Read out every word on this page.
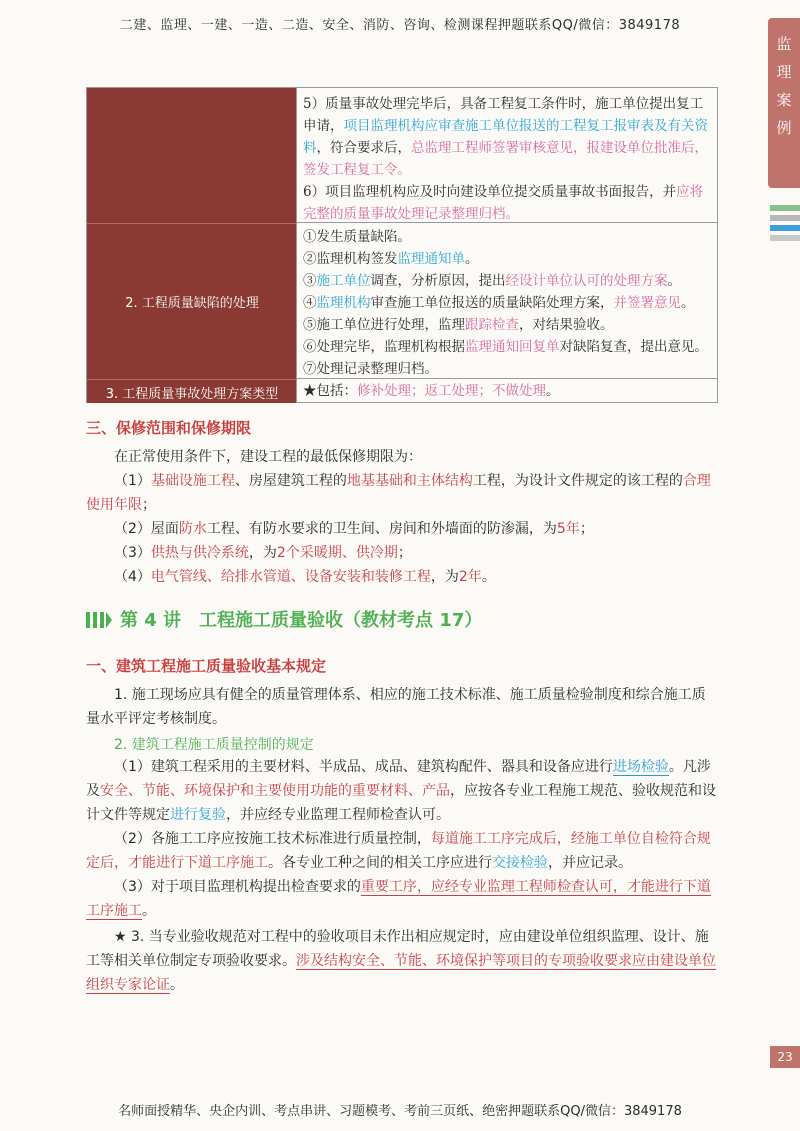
二建、监理、一建、一造、二造、安全、消防、咨询、检测课程押题联系QQ/微信：3849178
名师面授精华、央企内训、考点串讲、习题模考、考前三页纸、绝密押题联系QQ/微信：3849178
监
理
案
例
23
2. 工程质量缺陷的处理
3. 工程质量事故处理方案类型

5）质量事故处理完毕后，具备工程复工条件时，施工单位提出复工申请，项目监理机构应审查施工单位报送的工程复工报审表及有关资料，符合要求后，总监理工程师签署审核意见，报建设单位批准后，签发工程复工令。

6）项目监理机构应及时向建设单位提交质量事故书面报告，并应将完整的质量事故处理记录整理归档。

①发生质量缺陷。

②监理机构签发监理通知单。

③施工单位调查，分析原因，提出经设计单位认可的处理方案。

④监理机构审查施工单位报送的质量缺陷处理方案，并签署意见。

⑤施工单位进行处理，监理跟踪检查，对结果验收。

⑥处理完毕，监理机构根据监理通知回复单对缺陷复查，提出意见。

⑦处理记录整理归档。

★包括：修补处理；返工处理；不做处理。
三、保修范围和保修期限
在正常使用条件下，建设工程的最低保修期限为：
（1）基础设施工程、房屋建筑工程的地基基础和主体结构工程，为设计文件规定的该工程的合理使用年限；
（2）屋面防水工程、有防水要求的卫生间、房间和外墙面的防渗漏，为5年；
（3）供热与供冷系统，为2个采暖期、供冷期；
（4）电气管线、给排水管道、设备安装和装修工程，为2年。
第 4 讲　工程施工质量验收（教材考点 17）
一、建筑工程施工质量验收基本规定
1. 施工现场应具有健全的质量管理体系、相应的施工技术标准、施工质量检验制度和综合施工质量水平评定考核制度。
2. 建筑工程施工质量控制的规定
（1）建筑工程采用的主要材料、半成品、成品、建筑构配件、器具和设备应进行进场检验。凡涉及安全、节能、环境保护和主要使用功能的重要材料、产品，应按各专业工程施工规范、验收规范和设计文件等规定进行复验，并应经专业监理工程师检查认可。
（2）各施工工序应按施工技术标准进行质量控制，每道施工工序完成后，经施工单位自检符合规定后，才能进行下道工序施工。各专业工种之间的相关工序应进行交接检验，并应记录。
（3）对于项目监理机构提出检查要求的重要工序，应经专业监理工程师检查认可，才能进行下道工序施工。
★ 3. 当专业验收规范对工程中的验收项目未作出相应规定时，应由建设单位组织监理、设计、施工等相关单位制定专项验收要求。涉及结构安全、节能、环境保护等项目的专项验收要求应由建设单位组织专家论证。
